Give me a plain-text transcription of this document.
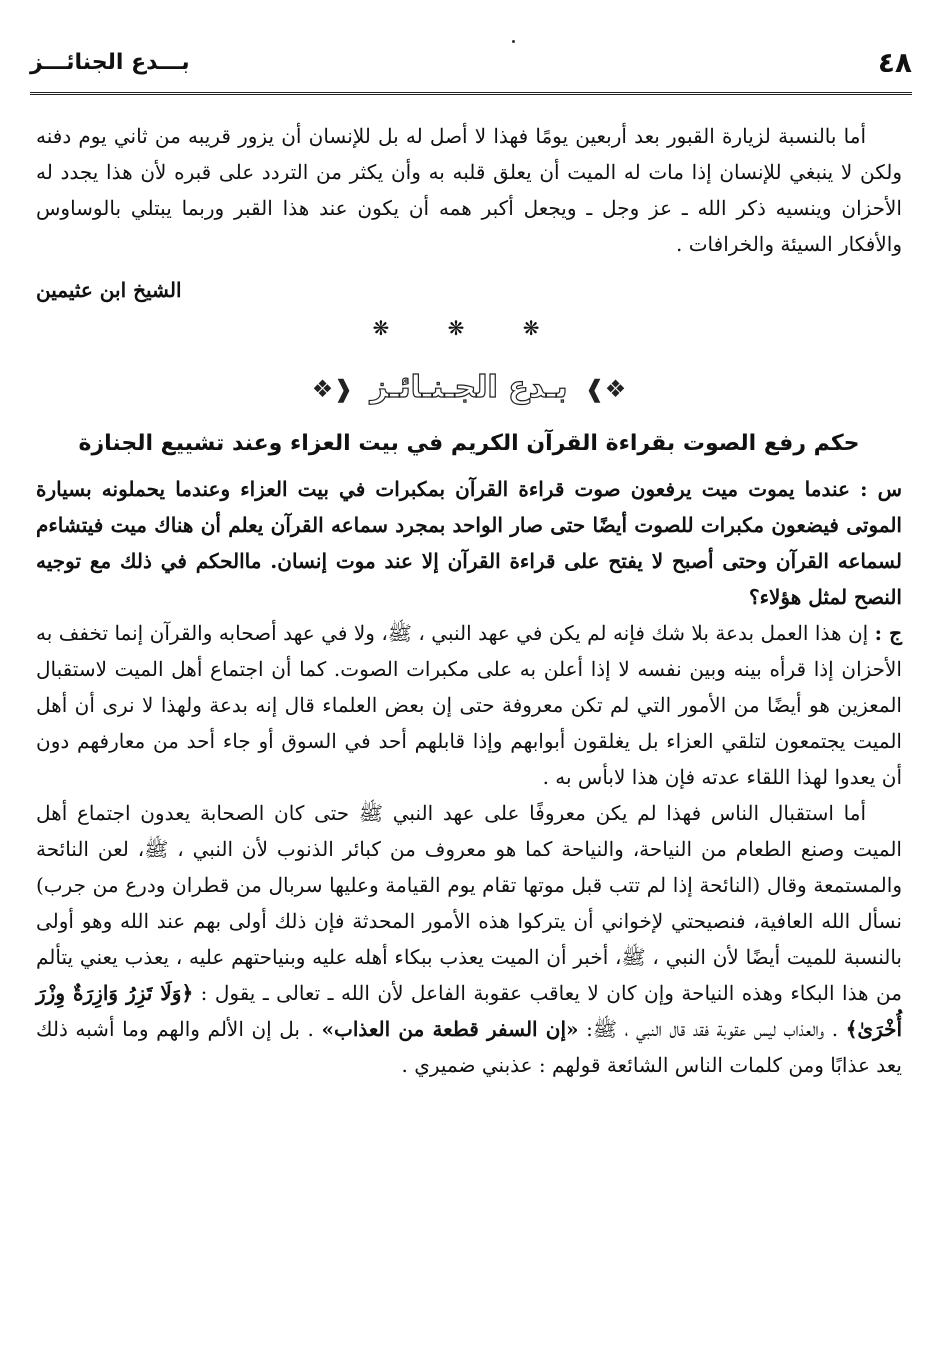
٤٨
بـــدع الجنائـــز

أما بالنسبة لزيارة القبور بعد أربعين يومًا فهذا لا أصل له بل للإنسان أن يزور قريبه من ثاني يوم دفنه ولكن لا ينبغي للإنسان إذا مات له الميت أن يعلق قلبه به وأن يكثر من التردد على قبره لأن هذا يجدد له الأحزان وينسيه ذكر الله ـ عز وجل ـ ويجعل أكبر همه أن يكون عند هذا القبر وربما يبتلي بالوساوس والأفكار السيئة والخرافات .

الشيخ ابن عثيمين

❋ ❋ ❋
❖❱ بـدع الجـنـائـز ❰❖
حكم رفع الصوت بقراءة القرآن الكريم في بيت العزاء وعند تشييع الجنازة

س : عندما يموت ميت يرفعون صوت قراءة القرآن بمكبرات في بيت العزاء وعندما يحملونه بسيارة الموتى فيضعون مكبرات للصوت أيضًا حتى صار الواحد بمجرد سماعه القرآن يعلم أن هناك ميت فيتشاءم لسماعه القرآن وحتى أصبح لا يفتح على قراءة القرآن إلا عند موت إنسان. ماالحكم في ذلك مع توجيه النصح لمثل هؤلاء؟

ج : إن هذا العمل بدعة بلا شك فإنه لم يكن في عهد النبي ، ﷺ، ولا في عهد أصحابه والقرآن إنما تخفف به الأحزان إذا قرأه بينه وبين نفسه لا إذا أعلن به على مكبرات الصوت. كما أن اجتماع أهل الميت لاستقبال المعزين هو أيضًا من الأمور التي لم تكن معروفة حتى إن بعض العلماء قال إنه بدعة ولهذا لا نرى أن أهل الميت يجتمعون لتلقي العزاء بل يغلقون أبوابهم وإذا قابلهم أحد في السوق أو جاء أحد من معارفهم دون أن يعدوا لهذا اللقاء عدته فإن هذا لابأس به .

أما استقبال الناس فهذا لم يكن معروفًا على عهد النبي ﷺ حتى كان الصحابة يعدون اجتماع أهل الميت وصنع الطعام من النياحة، والنياحة كما هو معروف من كبائر الذنوب لأن النبي ، ﷺ، لعن النائحة والمستمعة وقال (النائحة إذا لم تتب قبل موتها تقام يوم القيامة وعليها سربال من قطران ودرع من جرب) نسأل الله العافية، فنصيحتي لإخواني أن يتركوا هذه الأمور المحدثة فإن ذلك أولى بهم عند الله وهو أولى بالنسبة للميت أيضًا لأن النبي ، ﷺ، أخبر أن الميت يعذب ببكاء أهله عليه وبنياحتهم عليه ، يعذب يعني يتألم من هذا البكاء وهذه النياحة وإن كان لا يعاقب عقوبة الفاعل لأن الله ـ تعالى ـ يقول : ﴿وَلَا تَزِرُ وَازِرَةٌ وِزْرَ أُخْرَىٰ﴾ . والعذاب ليس عقوبة فقد قال النبي ، ﷺ: «إن السفر قطعة من العذاب» . بل إن الألم والهم وما أشبه ذلك يعد عذابًا ومن كلمات الناس الشائعة قولهم : عذبني ضميري .
